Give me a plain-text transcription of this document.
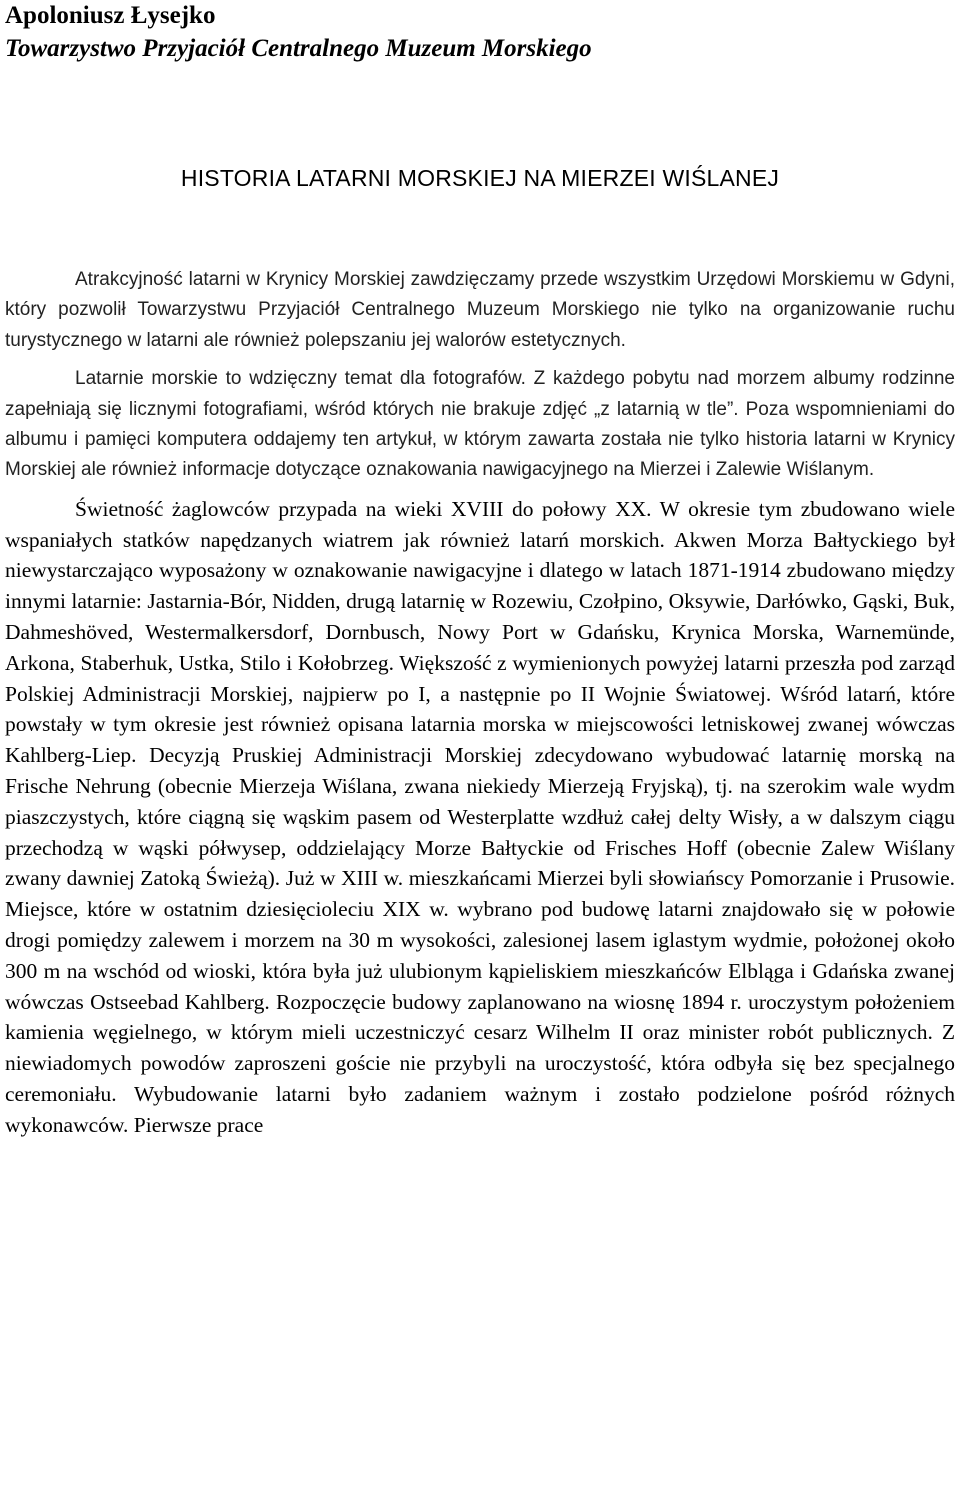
Apoloniusz Łysejko
Towarzystwo Przyjaciół Centralnego Muzeum Morskiego
HISTORIA LATARNI MORSKIEJ NA MIERZEI WIŚLANEJ

Atrakcyjność latarni w Krynicy Morskiej zawdzięczamy przede wszystkim Urzędowi Morskiemu w Gdyni, który pozwolił Towarzystwu Przyjaciół Centralnego Muzeum Morskiego nie tylko na organizowanie ruchu turystycznego w latarni ale również polepszaniu jej walorów estetycznych.

Latarnie morskie to wdzięczny temat dla fotografów. Z każdego pobytu nad morzem albumy rodzinne zapełniają się licznymi fotografiami, wśród których nie brakuje zdjęć „z latarnią w tle”. Poza wspomnieniami do albumu i pamięci komputera oddajemy ten artykuł, w którym zawarta została nie tylko historia latarni w Krynicy Morskiej ale również informacje dotyczące oznakowania nawigacyjnego na Mierzei i Zalewie Wiślanym.

Świetność żaglowców przypada na wieki XVIII do połowy XX. W okresie tym zbudowano wiele wspaniałych statków napędzanych wiatrem jak również latarń morskich. Akwen Morza Bałtyckiego był niewystarczająco wyposażony w oznakowanie nawigacyjne i dlatego w latach 1871-1914 zbudowano między innymi latarnie: Jastarnia-Bór, Nidden, drugą latarnię w Rozewiu, Czołpino, Oksywie, Darłówko, Gąski, Buk, Dahmeshöved, Westermalkersdorf, Dornbusch, Nowy Port w Gdańsku, Krynica Morska, Warnemünde, Arkona, Staberhuk, Ustka, Stilo i Kołobrzeg. Większość z wymienionych powyżej latarni przeszła pod zarząd Polskiej Administracji Morskiej, najpierw po I, a następnie po II Wojnie Światowej. Wśród latarń, które powstały w tym okresie jest również opisana latarnia morska w miejscowości letniskowej zwanej wówczas Kahlberg-Liep. Decyzją Pruskiej Administracji Morskiej zdecydowano wybudować latarnię morską na Frische Nehrung (obecnie Mierzeja Wiślana, zwana niekiedy Mierzeją Fryjską), tj. na szerokim wale wydm piaszczystych, które ciągną się wąskim pasem od Westerplatte wzdłuż całej delty Wisły, a w dalszym ciągu przechodzą w wąski półwysep, oddzielający Morze Bałtyckie od Frisches Hoff (obecnie Zalew Wiślany zwany dawniej Zatoką Świeżą). Już w XIII w. mieszkańcami Mierzei byli słowiańscy Pomorzanie i Prusowie. Miejsce, które w ostatnim dziesięcioleciu XIX w. wybrano pod budowę latarni znajdowało się w połowie drogi pomiędzy zalewem i morzem na 30 m wysokości, zalesionej lasem iglastym wydmie, położonej około 300 m na wschód od wioski, która była już ulubionym kąpieliskiem mieszkańców Elbląga i Gdańska zwanej wówczas Ostseebad Kahlberg. Rozpoczęcie budowy zaplanowano na wiosnę 1894 r. uroczystym położeniem kamienia węgielnego, w którym mieli uczestniczyć cesarz Wilhelm II oraz minister robót publicznych. Z niewiadomych powodów zaproszeni goście nie przybyli na uroczystość, która odbyła się bez specjalnego ceremoniału. Wybudowanie latarni było zadaniem ważnym i zostało podzielone pośród różnych wykonawców. Pierwsze prace
